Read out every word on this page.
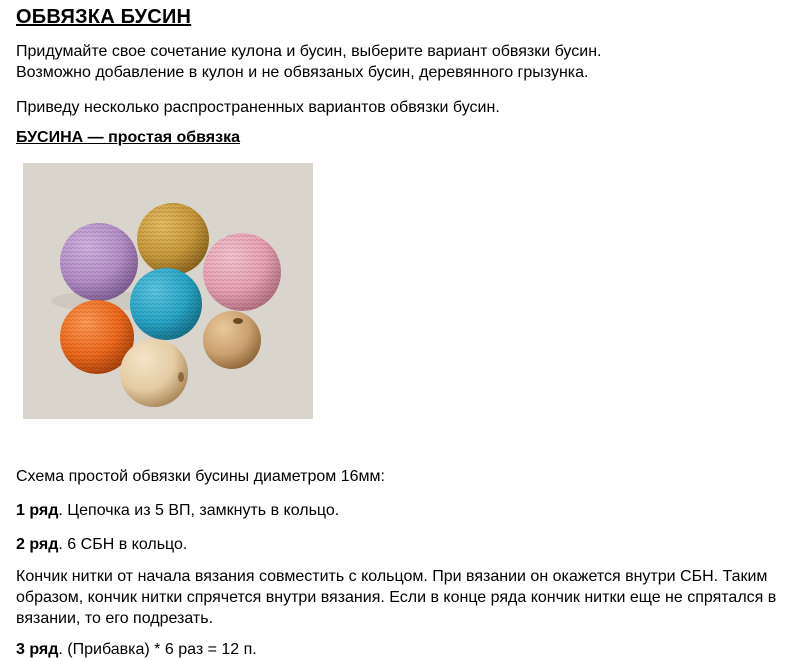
ОБВЯЗКА БУСИН

Придумайте свое сочетание кулона и бусин, выберите вариант обвязки бусин.
Возможно добавление в кулон и не обвязаных бусин, деревянного грызунка.

Приведу несколько распространенных вариантов обвязки бусин.

БУСИНА — простая обвязка

Схема простой обвязки бусины диаметром 16мм:

1 ряд. Цепочка из 5 ВП, замкнуть в кольцо.

2 ряд. 6 СБН в кольцо.

Кончик нитки от начала вязания совместить с кольцом. При вязании он окажется внутри СБН. Таким образом, кончик нитки спрячется внутри вязания. Если в конце ряда кончик нитки еще не спрятался в вязании, то его подрезать.

3 ряд. (Прибавка) * 6 раз = 12 п.
